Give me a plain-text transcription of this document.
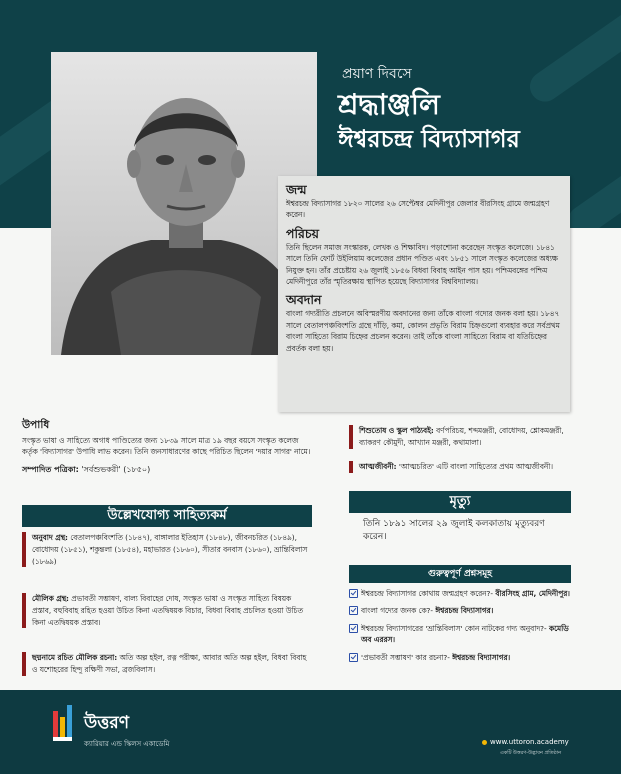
প্রয়াণ দিবসে
শ্রদ্ধাঞ্জলি
ঈশ্বরচন্দ্র বিদ্যাসাগর
জন্ম
ঈশ্বরচন্দ্র বিদ্যাসাগর ১৮২০ সালের ২৬ সেপ্টেম্বর মেদিনীপুর জেলার বীরসিংহ গ্রামে জন্মগ্রহণ করেন।
পরিচয়
তিনি ছিলেন সমাজ সংস্কারক, লেখক ও শিক্ষাবিদ। পড়াশোনা করেছেন সংস্কৃত কলেজে। ১৮৪১ সালে তিনি ফোর্ট উইলিয়াম কলেজের প্রধান পণ্ডিত এবং ১৮৫১ সালে সংস্কৃত কলেজের অধ্যক্ষ নিযুক্ত হন। তাঁর প্রচেষ্টায় ২৬ জুলাই ১৮৫৬ বিধবা বিবাহ আইন পাস হয়। পশ্চিমবঙ্গের পশ্চিম মেদিনীপুরে তাঁর স্মৃতিরক্ষায় স্থাপিত হয়েছে বিদ্যাসাগর বিশ্ববিদ্যালয়।
অবদান
বাংলা গদ্যরীতি প্রচলনে অবিস্মরণীয় অবদানের জন্য তাঁকে বাংলা গদ্যের জনক বলা হয়। ১৮৪৭ সালে বেতালপঞ্চবিংশতি গ্রন্থে দাঁড়ি, কমা, কোলন প্রভৃতি বিরাম চিহ্নগুলো ব্যবহার করে সর্বপ্রথম বাংলা সাহিত্যে বিরাম চিহ্নের প্রচলন করেন। তাই তাঁকে বাংলা সাহিত্যে বিরাম বা যতিচিহ্নের প্রবর্তক বলা হয়।
উপাধি
সংস্কৃত ভাষা ও সাহিত্যে অগাধ পাণ্ডিত্যের জন্য ১৮৩৯ সালে মাত্র ১৯ বছর বয়সে সংস্কৃত কলেজ কর্তৃক 'বিদ্যাসাগর' উপাধি লাভ করেন। তিনি জনসাধারণের কাছে পরিচিত ছিলেন 'দয়ার সাগর' নামে।
সম্পাদিত পত্রিকা: 'সর্বশুভকরী' (১৮৫০)
উল্লেখযোগ্য সাহিত্যকর্ম
অনুবাদ গ্রন্থ: বেতালপঞ্চবিংশতি (১৮৪৭), বাঙ্গালার ইতিহাস (১৮৪৮), জীবনচরিত (১৮৪৯), বোধোদয় (১৮৫১), শকুন্তলা (১৮৫৪), মহাভারত (১৮৬০), সীতার বনবাস (১৮৬০), ভ্রান্তিবিলাস (১৮৬৯)
মৌলিক গ্রন্থ: প্রভাবতী সম্ভাষণ, বাল্য বিবাহের দোষ, সংস্কৃত ভাষা ও সংস্কৃত সাহিত্য বিষয়ক প্রস্তাব, বহুবিবাহ রহিত হওয়া উচিত কিনা এতদ্বিষয়ক বিচার, বিধবা বিবাহ প্রচলিত হওয়া উচিত কিনা এতদ্বিষয়ক প্রস্তাব।
ছদ্মনামে রচিত মৌলিক রচনা: অতি অল্প হইল, রত্ন পরীক্ষা, আবার অতি অল্প হইল, বিধবা বিবাহ ও যশোহরের হিন্দু রক্ষিণী সভা, ব্রজবিলাস।
শিশুতোষ ও স্কুল পাঠ্যবই: বর্ণপরিচয়, শব্দমঞ্জরী, বোধোদয়, শ্লোকমঞ্জরী, ব্যাকরণ কৌমুদী, আখ্যান মঞ্জরী, কথামালা।
আত্মজীবনী: 'আত্মচরিত' এটি বাংলা সাহিত্যের প্রথম আত্মজীবনী।
মৃত্যু
তিনি ১৮৯১ সালের ২৯ জুলাই কলকাতায় মৃত্যুবরণ করেন।
গুরুত্বপূর্ণ প্রশ্নসমূহ
ঈশ্বরচন্দ্র বিদ্যাসাগর কোথায় জন্মগ্রহণ করেন?- বীরসিংহ গ্রাম, মেদিনীপুর।
বাংলা গদ্যের জনক কে?- ঈশ্বরচন্দ্র বিদ্যাসাগর।
ঈশ্বরচন্দ্র বিদ্যাসাগরের 'ভ্রান্তিবিলাস' কোন নাটকের গদ্য অনুবাদ?- কমেডি অব এররস।
'প্রভাবতী সম্ভাষণ' কার রচনা?- ঈশ্বরচন্দ্র বিদ্যাসাগর।
উত্তরণ
ক্যারিয়ার এন্ড স্কিলস একাডেমি	www.uttoron.academy
একটি উত্তরণ-উদ্ভাবন প্রতিষ্ঠান
